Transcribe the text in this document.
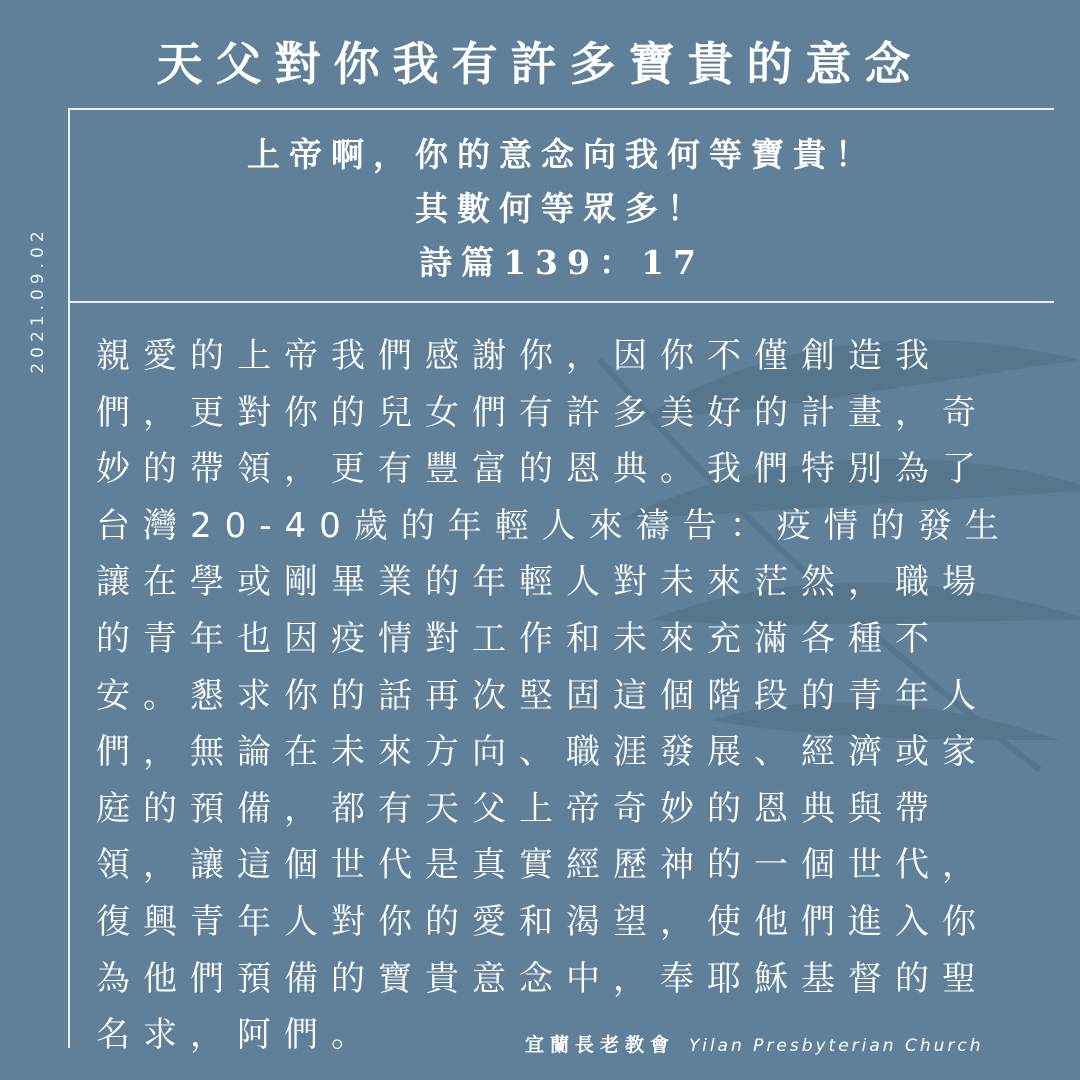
天父對你我有許多寶貴的意念
2021.09.02
上帝啊，你的意念向我何等寶貴！
其數何等眾多！
詩篇139：17
親愛的上帝我們感謝你，因你不僅創造我
們，更對你的兒女們有許多美好的計畫，奇
妙的帶領，更有豐富的恩典。我們特別為了
台灣20-40歲的年輕人來禱告：疫情的發生
讓在學或剛畢業的年輕人對未來茫然，職場
的青年也因疫情對工作和未來充滿各種不
安。懇求你的話再次堅固這個階段的青年人
們，無論在未來方向、職涯發展、經濟或家
庭的預備，都有天父上帝奇妙的恩典與帶
領，讓這個世代是真實經歷神的一個世代，
復興青年人對你的愛和渴望，使他們進入你
為他們預備的寶貴意念中，奉耶穌基督的聖
名求，阿們。	宜蘭長老教會 Yilan Presbyterian Church
